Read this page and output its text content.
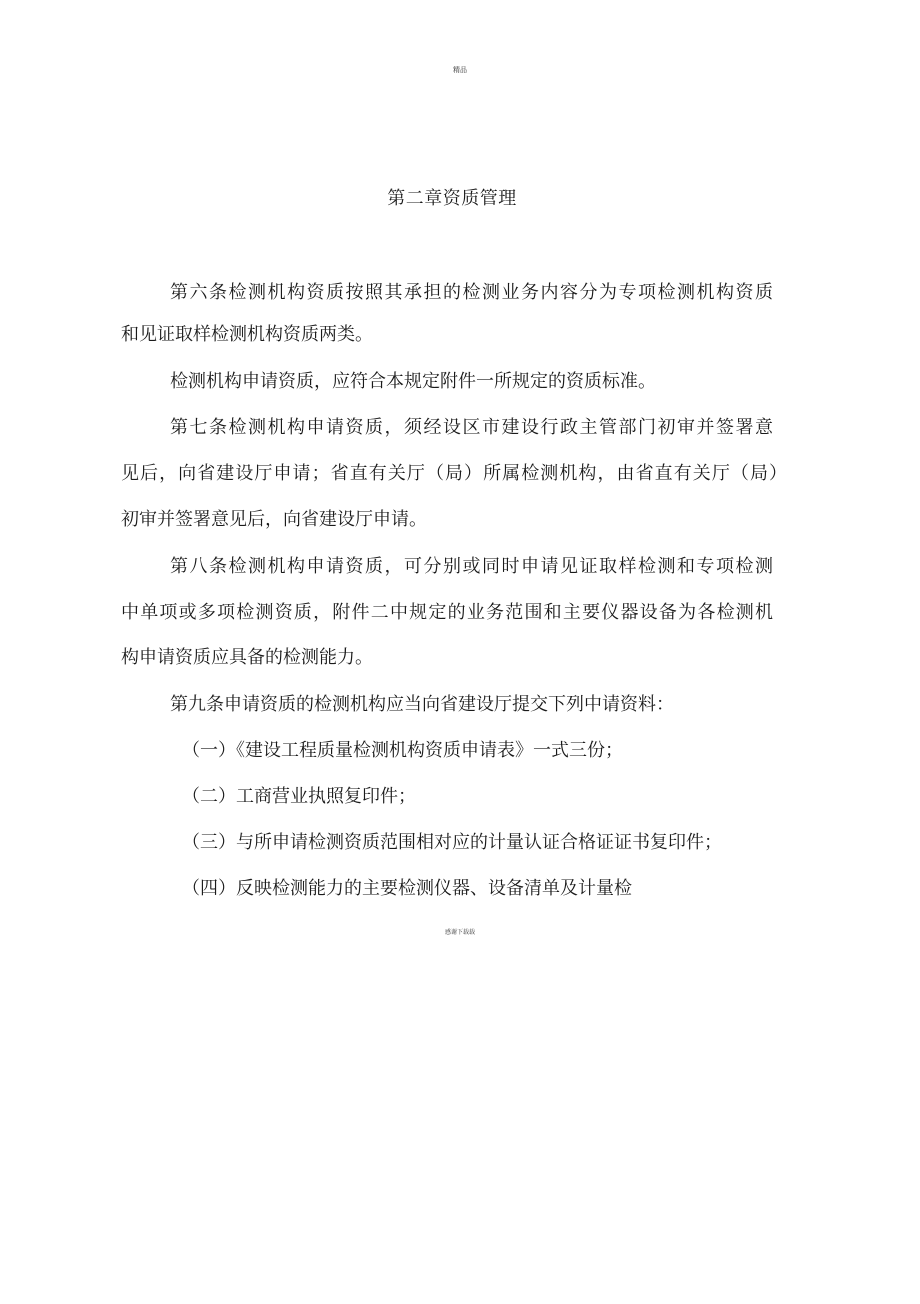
精品
第二章资质管理
第六条检测机构资质按照其承担的检测业务内容分为专项检测机构资质
和见证取样检测机构资质两类。
检测机构申请资质，应符合本规定附件一所规定的资质标准。
第七条检测机构申请资质，须经设区市建设行政主管部门初审并签署意
见后，向省建设厅申请；省直有关厅（局）所属检测机构，由省直有关厅（局）
初审并签署意见后，向省建设厅申请。
第八条检测机构申请资质，可分别或同时申请见证取样检测和专项检测
中单项或多项检测资质，附件二中规定的业务范围和主要仪器设备为各检测机
构申请资质应具备的检测能力。
第九条申请资质的检测机构应当向省建设厅提交下列中请资料：
（一）《建设工程质量检测机构资质申请表》一式三份；
（二）工商营业执照复印件；
（三）与所申请检测资质范围相对应的计量认证合格证证书复印件；
（四）反映检测能力的主要检测仪器、设备清单及计量检
感谢下载载
